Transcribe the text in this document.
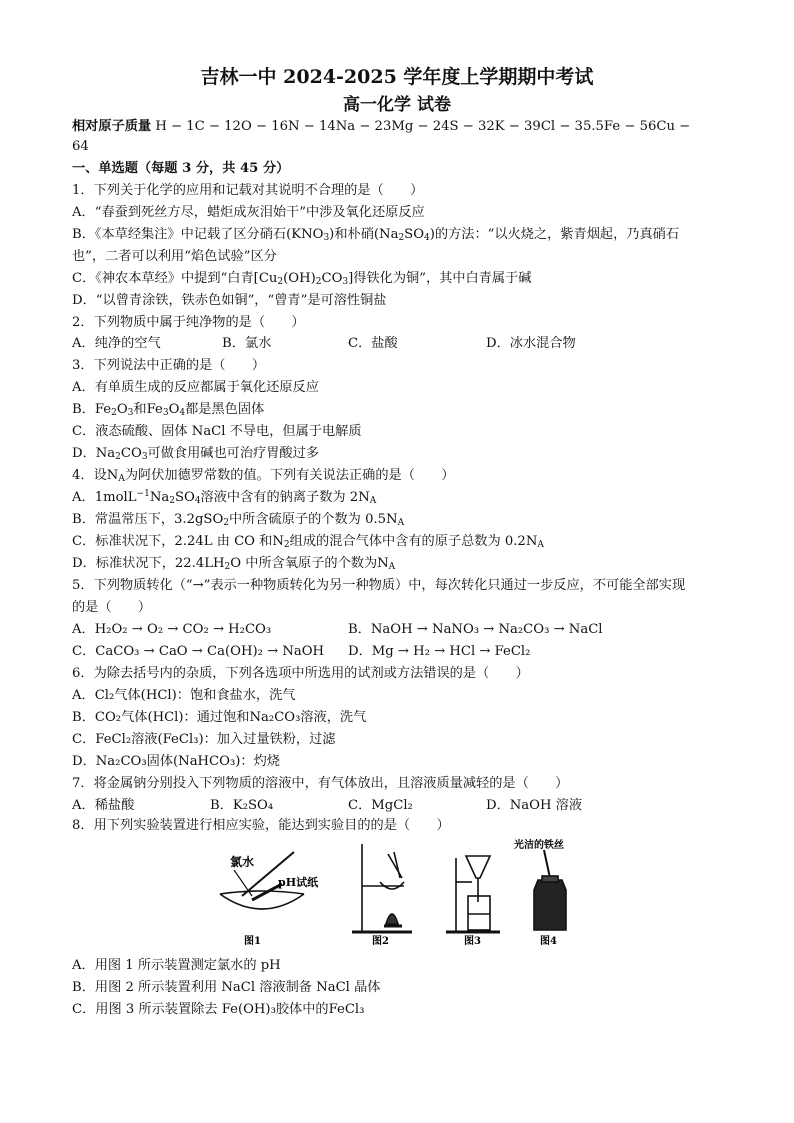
吉林一中 2024-2025 学年度上学期期中考试
高一化学 试卷
相对原子质量 H − 1C − 12O − 16N − 14Na − 23Mg − 24S − 32K − 39Cl − 35.5Fe − 56Cu −
64
一、单选题（每题 3 分，共 45 分）
1．下列关于化学的应用和记载对其说明不合理的是（　　）
A．“春蚕到死丝方尽，蜡炬成灰泪始干”中涉及氧化还原反应
B．《本草经集注》中记载了区分硝石$(KNO_3)$和朴硝$(Na_2SO_4)$的方法：“以火烧之，紫青烟起，乃真硝石
也”，二者可以利用“焰色试验”区分
C．《神农本草经》中提到“白青$[Cu_2(OH)_2CO_3]$得铁化为铜”，其中白青属于碱
D．“以曾青涂铁，铁赤色如铜”，“曾青”是可溶性铜盐
2．下列物质中属于纯净物的是（　　）
A．纯净的空气	B．氯水	C．盐酸	D．冰水混合物
3．下列说法中正确的是（　　）
A．有单质生成的反应都属于氧化还原反应
B．$Fe_2O_3$和$Fe_3O_4$都是黑色固体
C．液态硫酸、固体 NaCl 不导电，但属于电解质
D．$Na_2CO_3$可做食用碱也可治疗胃酸过多
4．设$N_A$为阿伏加德罗常数的值。下列有关说法正确的是（　　）
A．$1molL^{-1}Na_2SO_4$溶液中含有的钠离子数为 $2N_A$
B．常温常压下，3.2gSO$_2$中所含硫原子的个数为 $0.5N_A$
C．标准状况下，2.24L 由 CO 和$N_2$组成的混合气体中含有的原子总数为 $0.2N_A$
D．标准状况下，$22.4LH_2O$ 中所含氧原子的个数为$N_A$
5．下列物质转化（“→”表示一种物质转化为另一种物质）中，每次转化只通过一步反应，不可能全部实现
的是（　　）
A．H₂O₂ → O₂ → CO₂ → H₂CO₃	B．NaOH → NaNO₃ → Na₂CO₃ → NaCl
C．CaCO₃ → CaO → Ca(OH)₂ → NaOH D．Mg → H₂ → HCl → FeCl₂
6．为除去括号内的杂质，下列各选项中所选用的试剂或方法错误的是（　　）
A．Cl₂气体(HCl)：饱和食盐水，洗气
B．CO₂气体(HCl)：通过饱和Na₂CO₃溶液，洗气
C．FeCl₂溶液(FeCl₃)：加入过量铁粉，过滤
D．Na₂CO₃固体(NaHCO₃)：灼烧
7．将金属钠分别投入下列物质的溶液中，有气体放出，且溶液质量减轻的是（　　）
A．稀盐酸	B．K₂SO₄	C．MgCl₂	D．NaOH 溶液
8．用下列实验装置进行相应实验，能达到实验目的的是（　　）
氯水
pH试纸
光洁的铁丝
图1	图2	图3	图4
A．用图 1 所示装置测定氯水的 pH
B．用图 2 所示装置利用 NaCl 溶液制备 NaCl 晶体
C．用图 3 所示装置除去 Fe(OH)₃胶体中的FeCl₃
